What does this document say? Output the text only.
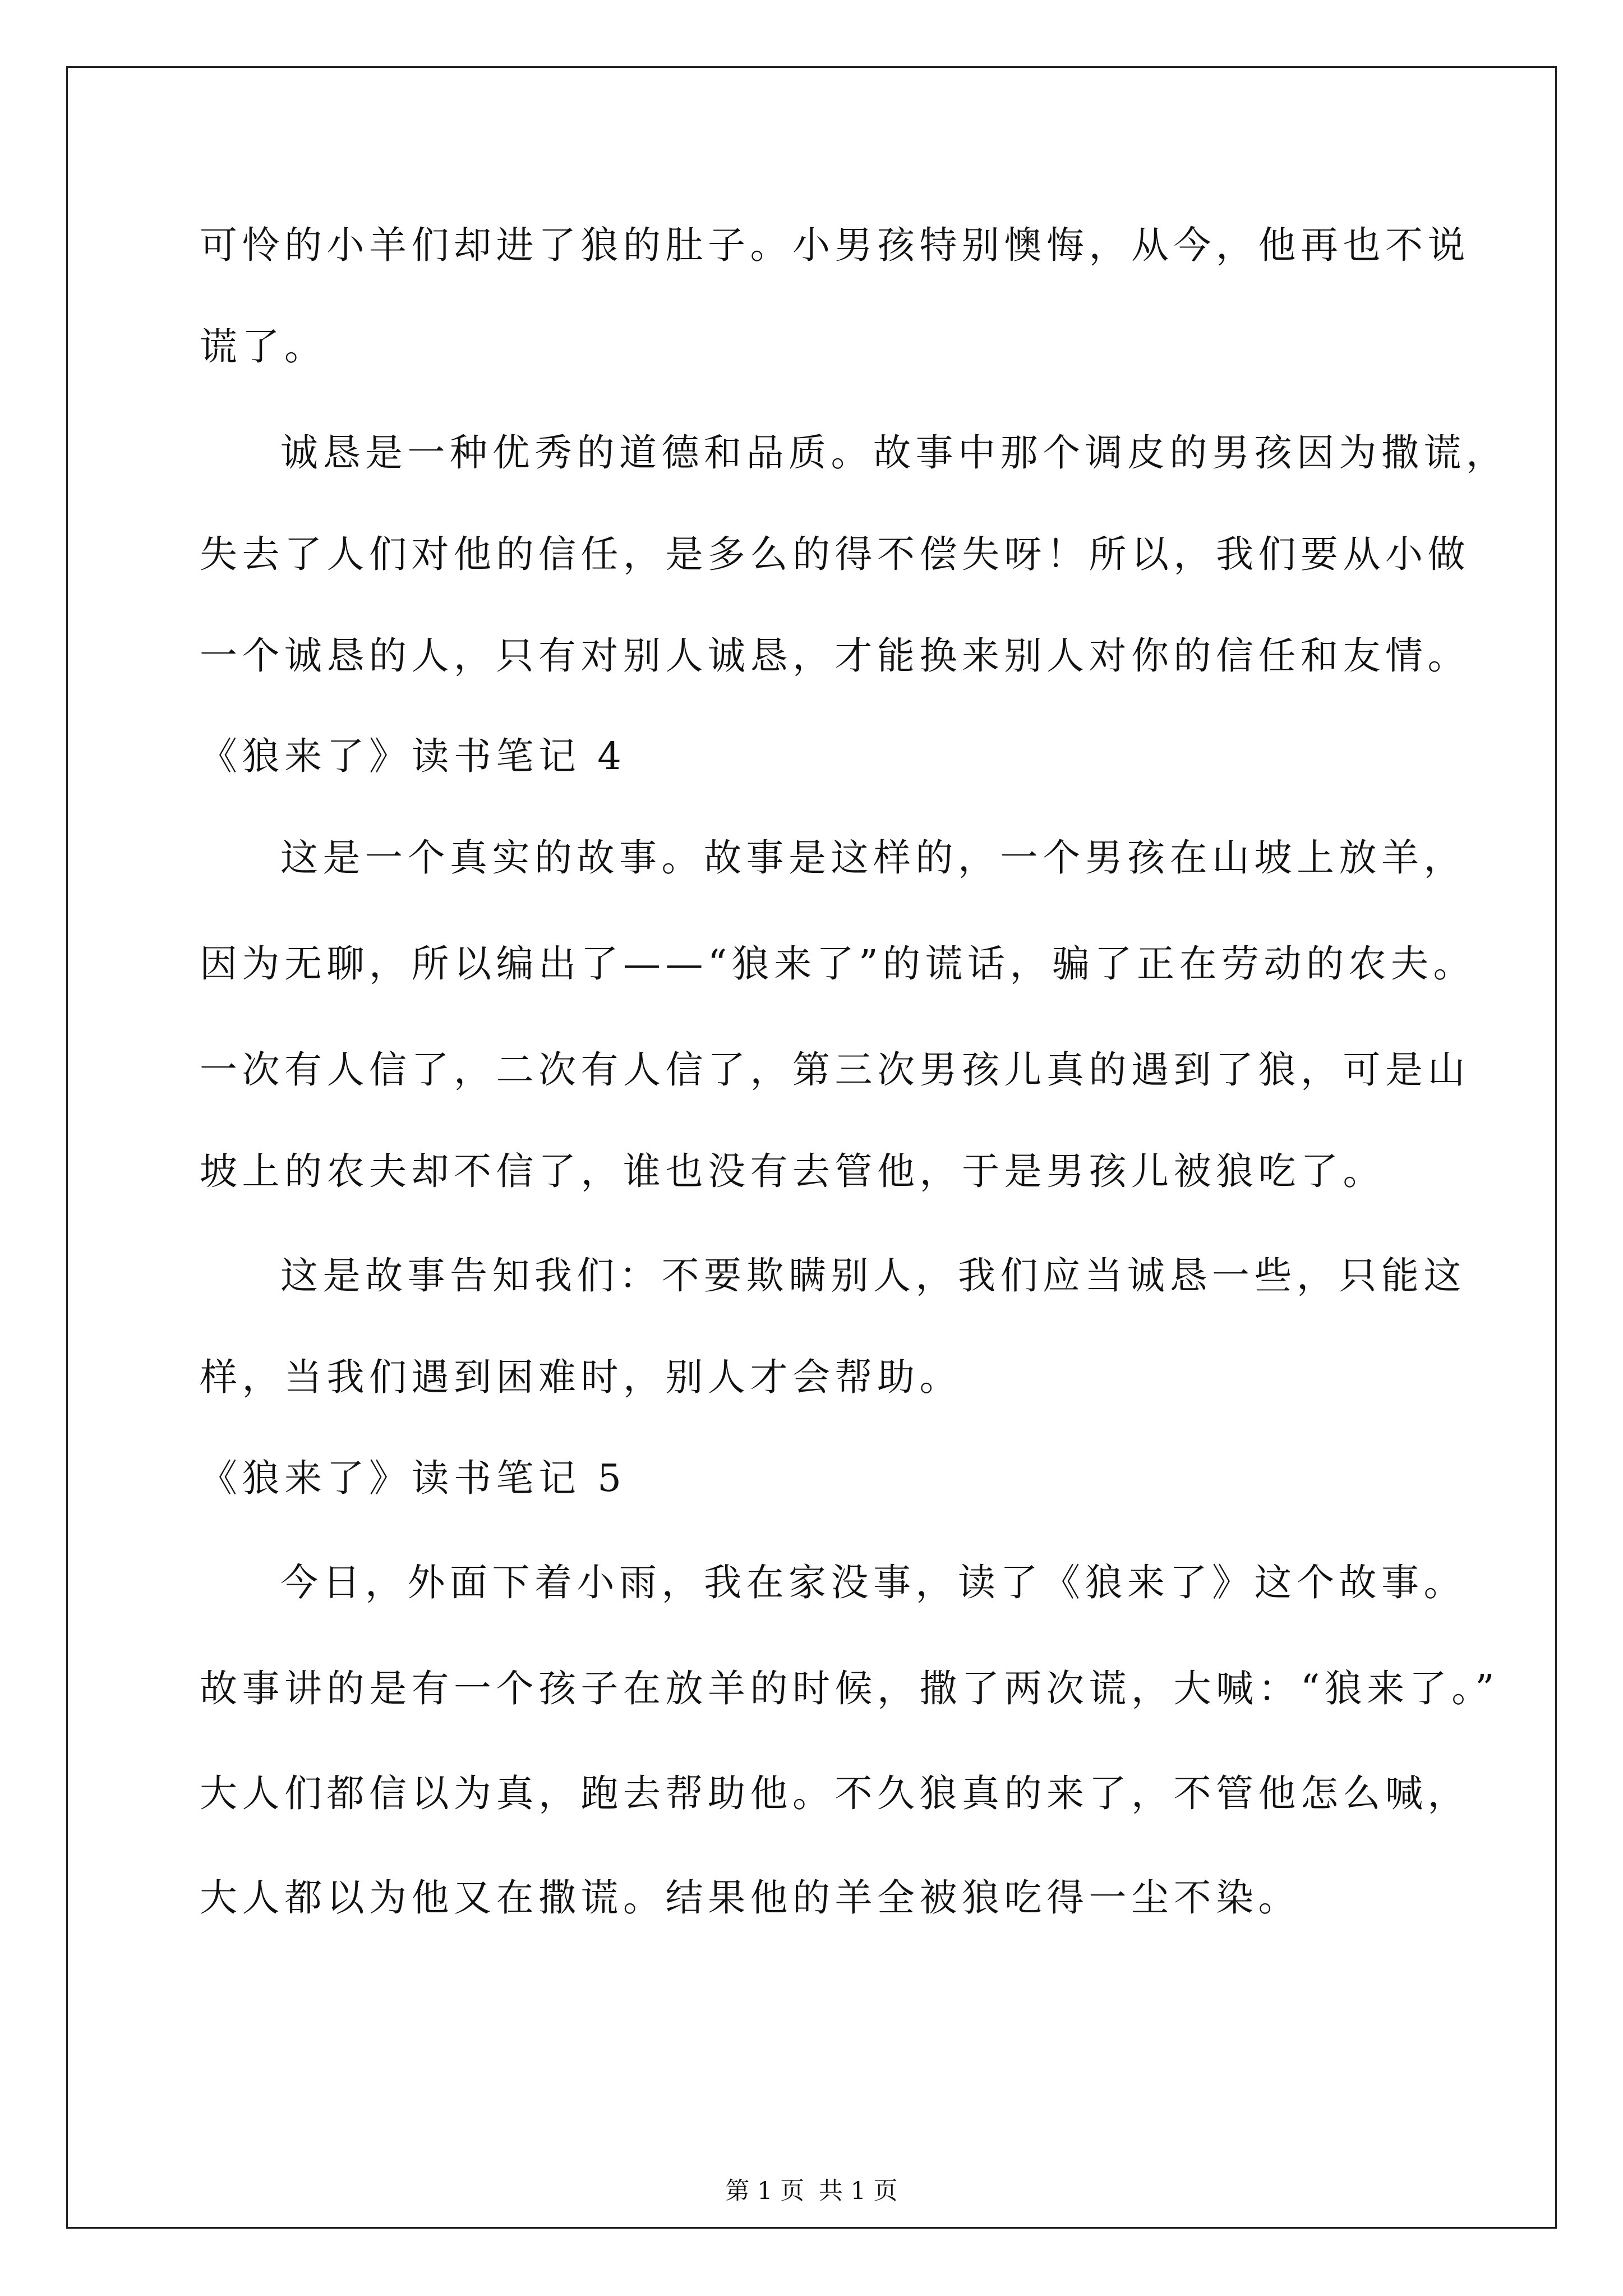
可怜的小羊们却进了狼的肚子。小男孩特别懊悔，从今，他再也不说
谎了。
诚恳是一种优秀的道德和品质。故事中那个调皮的男孩因为撒谎，
失去了人们对他的信任，是多么的得不偿失呀！所以，我们要从小做
一个诚恳的人，只有对别人诚恳，才能换来别人对你的信任和友情。
《狼来了》读书笔记 4
这是一个真实的故事。故事是这样的，一个男孩在山坡上放羊，
因为无聊，所以编出了——“狼来了”的谎话，骗了正在劳动的农夫。
一次有人信了，二次有人信了，第三次男孩儿真的遇到了狼，可是山
坡上的农夫却不信了，谁也没有去管他，于是男孩儿被狼吃了。
这是故事告知我们：不要欺瞒别人，我们应当诚恳一些，只能这
样，当我们遇到困难时，别人才会帮助。
《狼来了》读书笔记 5
今日，外面下着小雨，我在家没事，读了《狼来了》这个故事。
故事讲的是有一个孩子在放羊的时候，撒了两次谎，大喊：“狼来了。”
大人们都信以为真，跑去帮助他。不久狼真的来了，不管他怎么喊，
大人都以为他又在撒谎。结果他的羊全被狼吃得一尘不染。
第 1 页 共 1 页
